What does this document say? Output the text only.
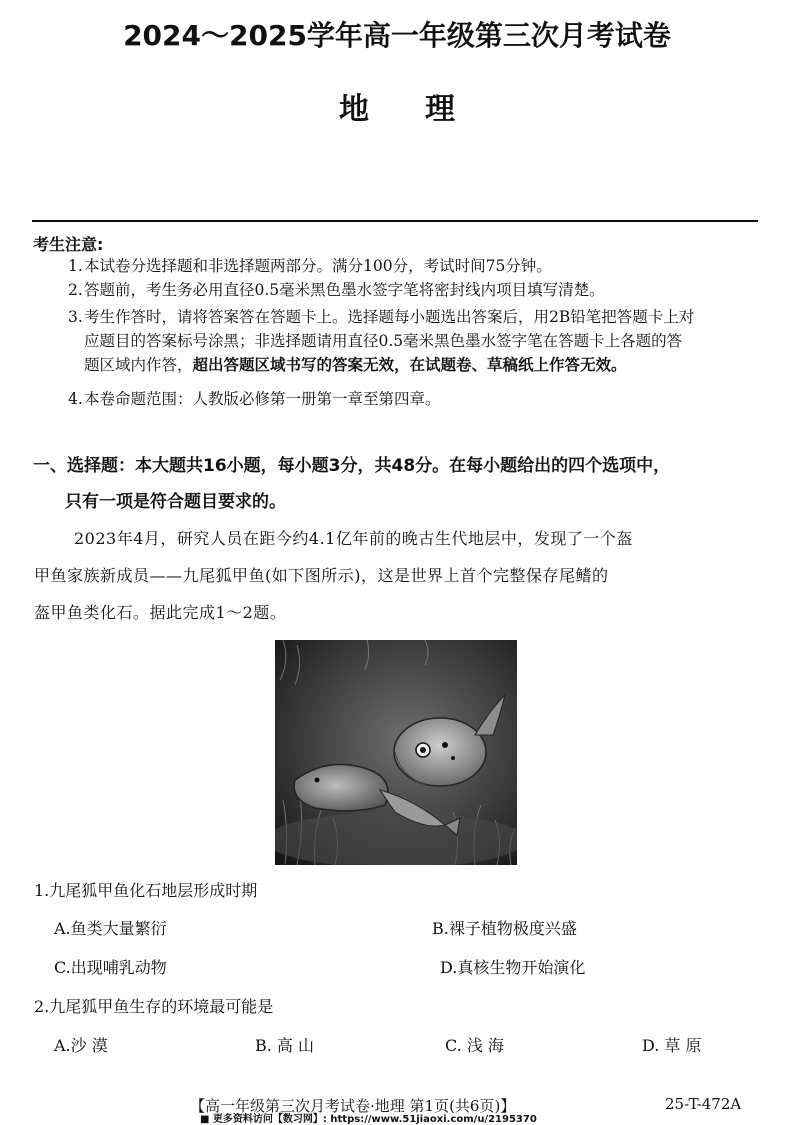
2024～2025学年高一年级第三次月考试卷
地理
考生注意:
1.本试卷分选择题和非选择题两部分。满分100分，考试时间75分钟。
2.答题前，考生务必用直径0.5毫米黑色墨水签字笔将密封线内项目填写清楚。
3.考生作答时，请将答案答在答题卡上。选择题每小题选出答案后，用2B铅笔把答题卡上对
应题目的答案标号涂黑；非选择题请用直径0.5毫米黑色墨水签字笔在答题卡上各题的答
题区域内作答，超出答题区域书写的答案无效，在试题卷、草稿纸上作答无效。
4.本卷命题范围：人教版必修第一册第一章至第四章。
一、选择题：本大题共16小题，每小题3分，共48分。在每小题给出的四个选项中，
只有一项是符合题目要求的。

2023年4月，研究人员在距今约4.1亿年前的晚古生代地层中，发现了一个盔

甲鱼家族新成员——九尾狐甲鱼(如下图所示)，这是世界上首个完整保存尾鳍的
盔甲鱼类化石。据此完成1～2题。
1.九尾狐甲鱼化石地层形成时期
A.鱼类大量繁衍	B.裸子植物极度兴盛
C.出现哺乳动物	D.真核生物开始演化
2.九尾狐甲鱼生存的环境最可能是
A.沙 漠	B. 高 山	C. 浅 海	D. 草 原
【高一年级第三次月考试卷·地理 第1页(共6页)】	25-T-472A
■ 更多资料访问【数习网】: https://www.51jiaoxi.com/u/2195370
